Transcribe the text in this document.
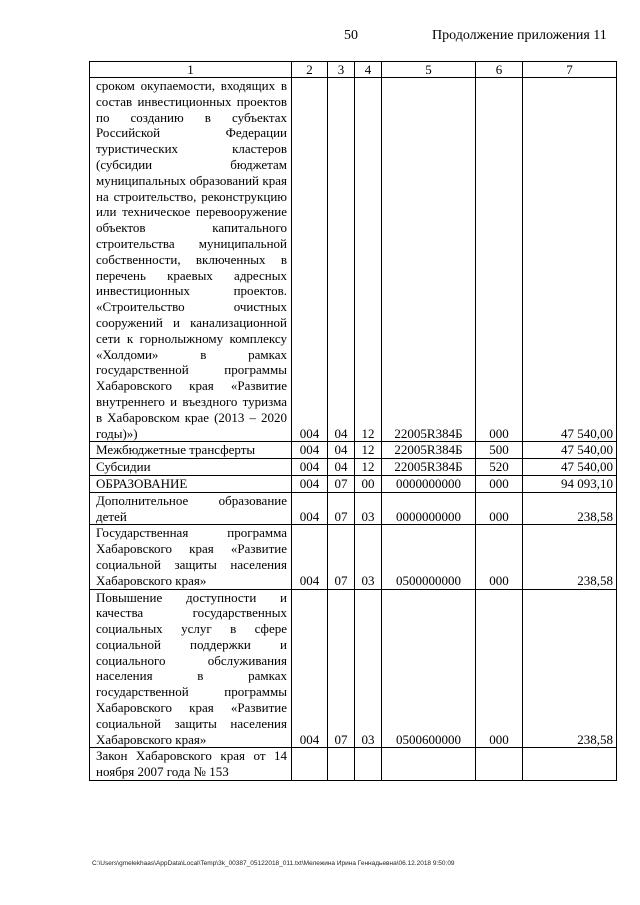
50	Продолжение приложения 11
1	2	3	4	5	6	7
сроком окупаемости, входящих в состав инвестиционных проектов по созданию в субъектах Российской Федерации туристических кластеров (субсидии бюджетам муниципальных образований края на строительство, реконструкцию или техническое перевооружение объектов капитального строительства муниципальной собственности, включенных в перечень краевых адресных инвестиционных проектов. «Строительство очистных сооружений и канализационной сети к горнолыжному комплексу «Холдоми» в рамках государственной программы Хабаровского края «Развитие внутреннего и въездного туризма в Хабаровском крае (2013 – 2020 годы)»)	004	04	12	22005R384Б	000	47 540,00
Межбюджетные трансферты	004	04	12	22005R384Б	500	47 540,00
Субсидии	004	04	12	22005R384Б	520	47 540,00
ОБРАЗОВАНИЕ	004	07	00	0000000000	000	94 093,10
Дополнительное образование детей	004	07	03	0000000000	000	238,58
Государственная программа Хабаровского края «Развитие социальной защиты населения Хабаровского края»	004	07	03	0500000000	000	238,58
Повышение доступности и качества государственных социальных услуг в сфере социальной поддержки и социального обслуживания населения в рамках государственной программы Хабаровского края «Развитие социальной защиты населения Хабаровского края»	004	07	03	0500600000	000	238,58
Закон Хабаровского края от 14 ноября 2007 года № 153						
C:\Users\gmelekhaas\AppData\Local\Temp\3k_00387_05122018_011.txt\Мележина Ирина Геннадьевна\06.12.2018 9:50:09
